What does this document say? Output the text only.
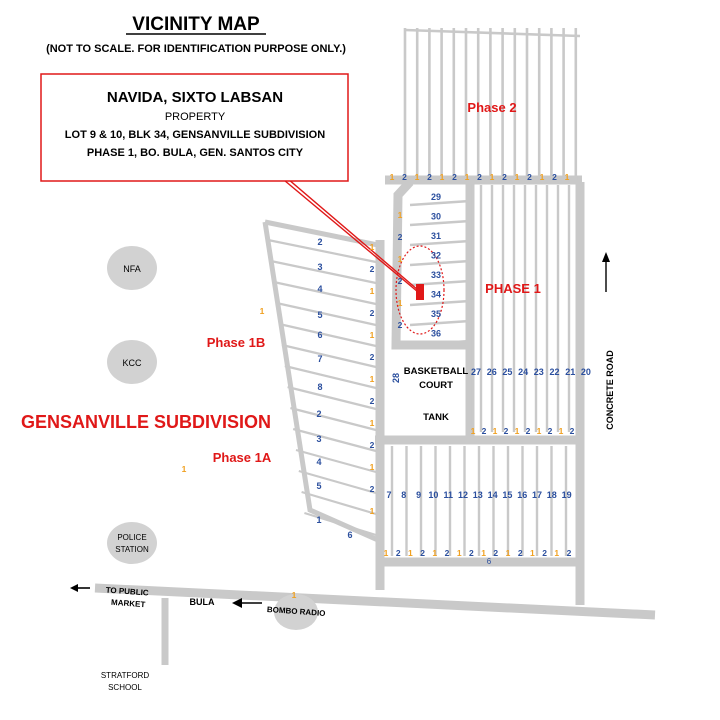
1 2 1 2 1 2 1 2 1 2 1 2 1 2 1
1 2 1 2 1 2 1 2 1 2
1 2 1 2 1 2 1 2 1 2 1 2 1 2 1 2
1
2
1
2
1
2
1
2
1
2
1
2
1
1
2
1
2
1
2
1
1
1
VICINITY MAP
(NOT TO SCALE. FOR IDENTIFICATION PURPOSE ONLY.)
NAVIDA, SIXTO LABSAN
PROPERTY
LOT 9 & 10, BLK 34, GENSANVILLE SUBDIVISION
PHASE 1, BO. BULA, GEN. SANTOS CITY
Phase 2
PHASE 1
Phase 1B
Phase 1A
GENSANVILLE SUBDIVISION
NFA
KCC
POLICE
STATION
BOMBO RADIO
BULA
TO PUBLIC
MARKET
STRATFORD
SCHOOL
CONCRETE ROAD
BASKETBALL
COURT
TANK
29
30
31
32
33
34
35
36
27 26 25 24 23 22 21 20
7 8 9 10 11 12 13 14 15 16 17 18 19
28
6
2
3
4
5
6
7
8
2
3
4
5
1
6
